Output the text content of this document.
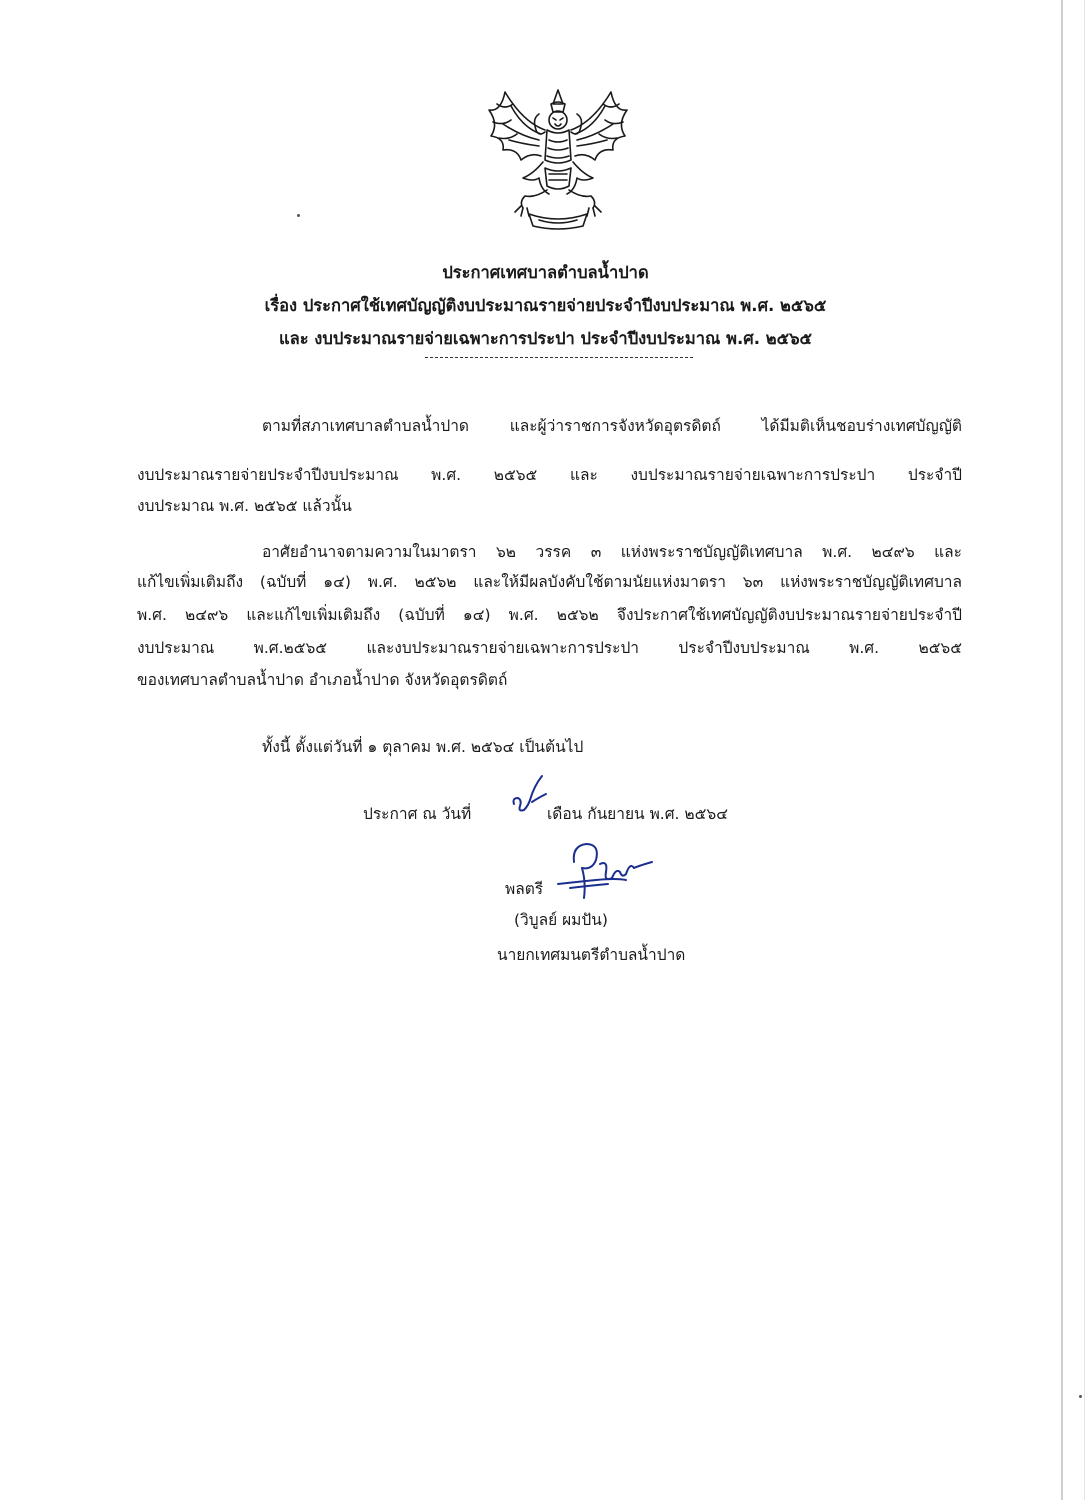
ประกาศเทศบาลตำบลน้ำปาด
เรื่อง ประกาศใช้เทศบัญญัติงบประมาณรายจ่ายประจำปีงบประมาณ พ.ศ. ๒๕๖๕
และ งบประมาณรายจ่ายเฉพาะการประปา ประจำปีงบประมาณ พ.ศ. ๒๕๖๕
ตามที่สภาเทศบาลตำบลน้ำปาด และผู้ว่าราชการจังหวัดอุตรดิตถ์ ได้มีมติเห็นชอบร่างเทศบัญญัติ
งบประมาณรายจ่ายประจำปีงบประมาณ พ.ศ. ๒๕๖๕ และ งบประมาณรายจ่ายเฉพาะการประปา ประจำปี
งบประมาณ พ.ศ. ๒๕๖๕ แล้วนั้น
อาศัยอำนาจตามความในมาตรา ๖๒ วรรค ๓ แห่งพระราชบัญญัติเทศบาล พ.ศ. ๒๔๙๖ และ
แก้ไขเพิ่มเติมถึง (ฉบับที่ ๑๔) พ.ศ. ๒๕๖๒ และให้มีผลบังคับใช้ตามนัยแห่งมาตรา ๖๓ แห่งพระราชบัญญัติเทศบาล
พ.ศ. ๒๔๙๖ และแก้ไขเพิ่มเติมถึง (ฉบับที่ ๑๔) พ.ศ. ๒๕๖๒ จึงประกาศใช้เทศบัญญัติงบประมาณรายจ่ายประจำปี
งบประมาณ พ.ศ.๒๕๖๕ และงบประมาณรายจ่ายเฉพาะการประปา ประจำปีงบประมาณ พ.ศ. ๒๕๖๕
ของเทศบาลตำบลน้ำปาด อำเภอน้ำปาด จังหวัดอุตรดิตถ์
ทั้งนี้ ตั้งแต่วันที่ ๑ ตุลาคม พ.ศ. ๒๕๖๔ เป็นต้นไป
ประกาศ ณ วันที่	เดือน กันยายน พ.ศ. ๒๕๖๔
พลตรี
(วิบูลย์ ผมปัน)
นายกเทศมนตรีตำบลน้ำปาด
